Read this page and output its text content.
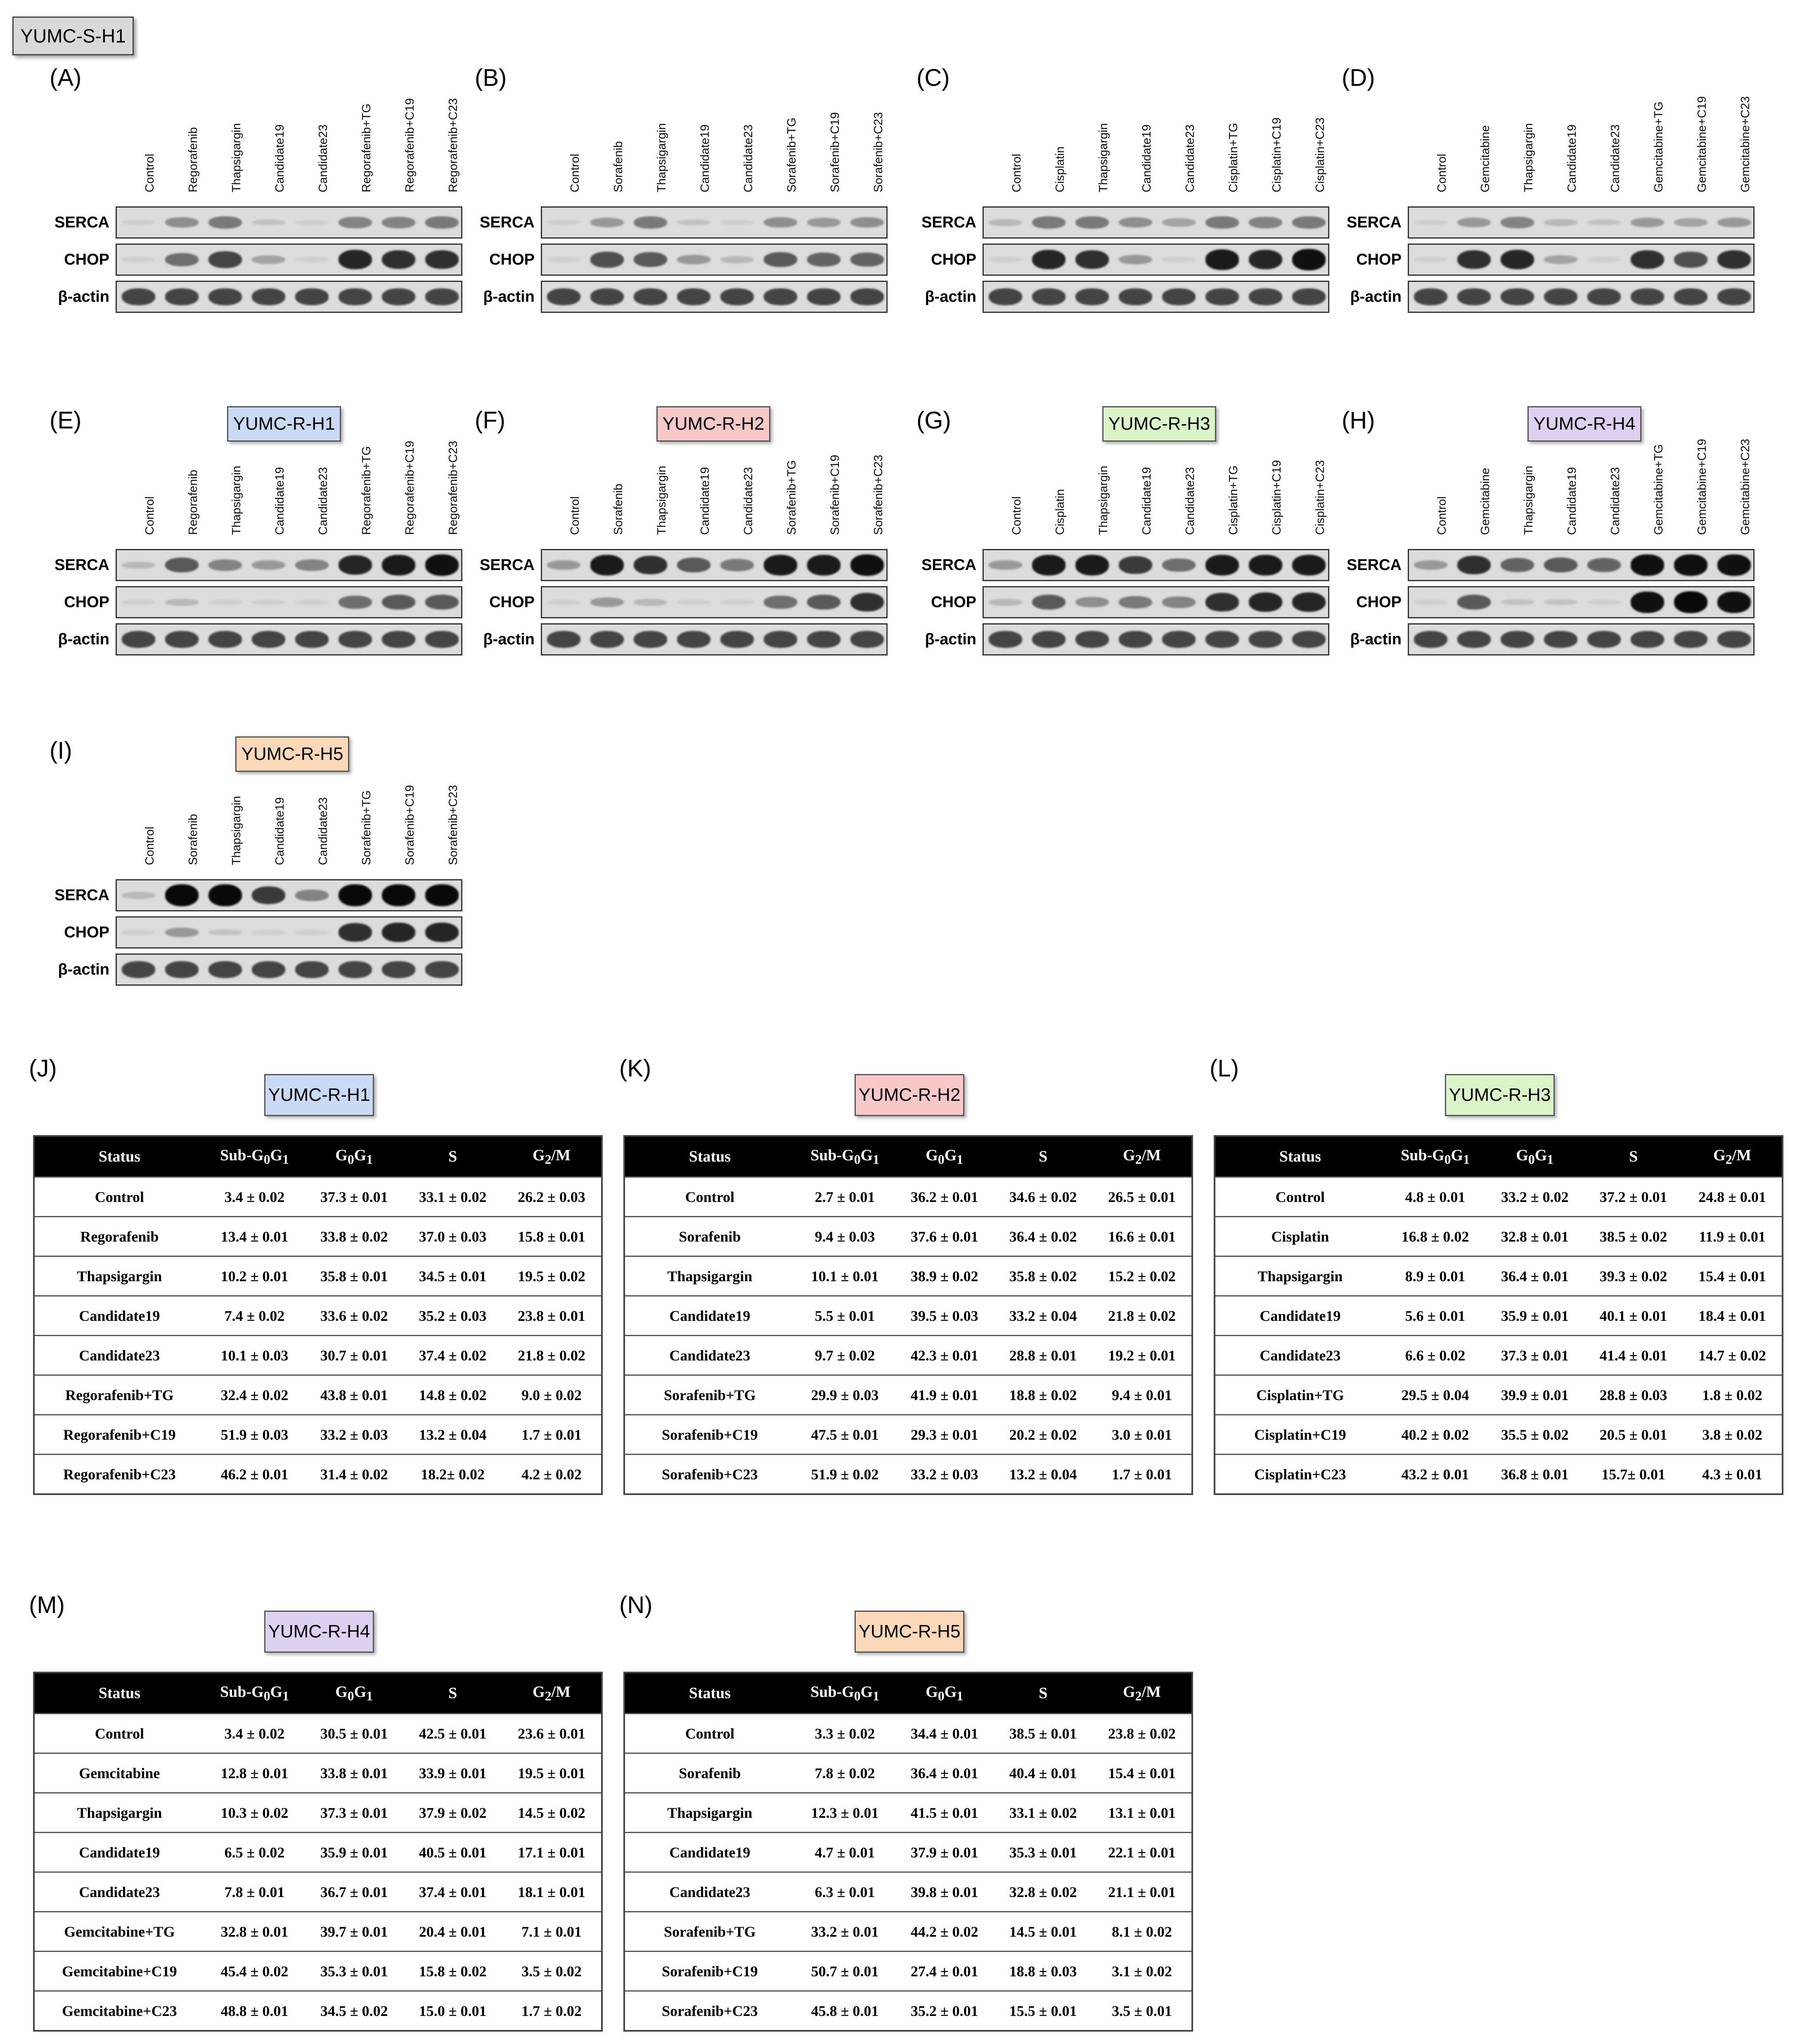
YUMC-S-H1
Status	Sub-$G_0G_1$	$G_0G_1$	S	$G_2/M$
Control	3.4 ± 0.02	37.3 ± 0.01	33.1 ± 0.02	26.2 ± 0.03
Regorafenib	13.4 ± 0.01	33.8 ± 0.02	37.0 ± 0.03	15.8 ± 0.01
Thapsigargin	10.2 ± 0.01	35.8 ± 0.01	34.5 ± 0.01	19.5 ± 0.02
Candidate19	7.4 ± 0.02	33.6 ± 0.02	35.2 ± 0.03	23.8 ± 0.01
Candidate23	10.1 ± 0.03	30.7 ± 0.01	37.4 ± 0.02	21.8 ± 0.02
Regorafenib+TG	32.4 ± 0.02	43.8 ± 0.01	14.8 ± 0.02	9.0 ± 0.02
Regorafenib+C19	51.9 ± 0.03	33.2 ± 0.03	13.2 ± 0.04	1.7 ± 0.01
Regorafenib+C23	46.2 ± 0.01	31.4 ± 0.02	18.2± 0.02	4.2 ± 0.02
Status	Sub-$G_0G_1$	$G_0G_1$	S	$G_2/M$
Control	2.7 ± 0.01	36.2 ± 0.01	34.6 ± 0.02	26.5 ± 0.01
Sorafenib	9.4 ± 0.03	37.6 ± 0.01	36.4 ± 0.02	16.6 ± 0.01
Thapsigargin	10.1 ± 0.01	38.9 ± 0.02	35.8 ± 0.02	15.2 ± 0.02
Candidate19	5.5 ± 0.01	39.5 ± 0.03	33.2 ± 0.04	21.8 ± 0.02
Candidate23	9.7 ± 0.02	42.3 ± 0.01	28.8 ± 0.01	19.2 ± 0.01
Sorafenib+TG	29.9 ± 0.03	41.9 ± 0.01	18.8 ± 0.02	9.4 ± 0.01
Sorafenib+C19	47.5 ± 0.01	29.3 ± 0.01	20.2 ± 0.02	3.0 ± 0.01
Sorafenib+C23	51.9 ± 0.02	33.2 ± 0.03	13.2 ± 0.04	1.7 ± 0.01
Status	Sub-$G_0G_1$	$G_0G_1$	S	$G_2/M$
Control	4.8 ± 0.01	33.2 ± 0.02	37.2 ± 0.01	24.8 ± 0.01
Cisplatin	16.8 ± 0.02	32.8 ± 0.01	38.5 ± 0.02	11.9 ± 0.01
Thapsigargin	8.9 ± 0.01	36.4 ± 0.01	39.3 ± 0.02	15.4 ± 0.01
Candidate19	5.6 ± 0.01	35.9 ± 0.01	40.1 ± 0.01	18.4 ± 0.01
Candidate23	6.6 ± 0.02	37.3 ± 0.01	41.4 ± 0.01	14.7 ± 0.02
Cisplatin+TG	29.5 ± 0.04	39.9 ± 0.01	28.8 ± 0.03	1.8 ± 0.02
Cisplatin+C19	40.2 ± 0.02	35.5 ± 0.02	20.5 ± 0.01	3.8 ± 0.02
Cisplatin+C23	43.2 ± 0.01	36.8 ± 0.01	15.7± 0.01	4.3 ± 0.01
Status	Sub-$G_0G_1$	$G_0G_1$	S	$G_2/M$
Control	3.4 ± 0.02	30.5 ± 0.01	42.5 ± 0.01	23.6 ± 0.01
Gemcitabine	12.8 ± 0.01	33.8 ± 0.01	33.9 ± 0.01	19.5 ± 0.01
Thapsigargin	10.3 ± 0.02	37.3 ± 0.01	37.9 ± 0.02	14.5 ± 0.02
Candidate19	6.5 ± 0.02	35.9 ± 0.01	40.5 ± 0.01	17.1 ± 0.01
Candidate23	7.8 ± 0.01	36.7 ± 0.01	37.4 ± 0.01	18.1 ± 0.01
Gemcitabine+TG	32.8 ± 0.01	39.7 ± 0.01	20.4 ± 0.01	7.1 ± 0.01
Gemcitabine+C19	45.4 ± 0.02	35.3 ± 0.01	15.8 ± 0.02	3.5 ± 0.02
Gemcitabine+C23	48.8 ± 0.01	34.5 ± 0.02	15.0 ± 0.01	1.7 ± 0.02
Status	Sub-$G_0G_1$	$G_0G_1$	S	$G_2/M$
Control	3.3 ± 0.02	34.4 ± 0.01	38.5 ± 0.01	23.8 ± 0.02
Sorafenib	7.8 ± 0.02	36.4 ± 0.01	40.4 ± 0.01	15.4 ± 0.01
Thapsigargin	12.3 ± 0.01	41.5 ± 0.01	33.1 ± 0.02	13.1 ± 0.01
Candidate19	4.7 ± 0.01	37.9 ± 0.01	35.3 ± 0.01	22.1 ± 0.01
Candidate23	6.3 ± 0.01	39.8 ± 0.01	32.8 ± 0.02	21.1 ± 0.01
Sorafenib+TG	33.2 ± 0.01	44.2 ± 0.02	14.5 ± 0.01	8.1 ± 0.02
Sorafenib+C19	50.7 ± 0.01	27.4 ± 0.01	18.8 ± 0.03	3.1 ± 0.02
Sorafenib+C23	45.8 ± 0.01	35.2 ± 0.01	15.5 ± 0.01	3.5 ± 0.01
(A)
Control	Regorafenib	Thapsigargin	Candidate19	Candidate23	Regorafenib+TG	Regorafenib+C19	Regorafenib+C23
SERCA
CHOP
β-actin
(B)
Control	Sorafenib	Thapsigargin	Candidate19	Candidate23	Sorafenib+TG	Sorafenib+C19	Sorafenib+C23
SERCA
CHOP
β-actin
(C)
Control	Cisplatin	Thapsigargin	Candidate19	Candidate23	Cisplatin+TG	Cisplatin+C19	Cisplatin+C23
SERCA
CHOP
β-actin
(D)
Control	Gemcitabine	Thapsigargin	Candidate19	Candidate23	Gemcitabine+TG	Gemcitabine+C19	Gemcitabine+C23
SERCA
CHOP
β-actin
(E)	YUMC-R-H1
Control	Regorafenib	Thapsigargin	Candidate19	Candidate23	Regorafenib+TG	Regorafenib+C19	Regorafenib+C23
SERCA
CHOP
β-actin
(F)	YUMC-R-H2
Control	Sorafenib	Thapsigargin	Candidate19	Candidate23	Sorafenib+TG	Sorafenib+C19	Sorafenib+C23
SERCA
CHOP
β-actin
(G)	YUMC-R-H3
Control	Cisplatin	Thapsigargin	Candidate19	Candidate23	Cisplatin+TG	Cisplatin+C19	Cisplatin+C23
SERCA
CHOP
β-actin
(H)	YUMC-R-H4
Control	Gemcitabine	Thapsigargin	Candidate19	Candidate23	Gemcitabine+TG	Gemcitabine+C19	Gemcitabine+C23
SERCA
CHOP
β-actin
(I)	YUMC-R-H5
Control	Sorafenib	Thapsigargin	Candidate19	Candidate23	Sorafenib+TG	Sorafenib+C19	Sorafenib+C23
SERCA
CHOP
β-actin
(J)
YUMC-R-H1
(K)
YUMC-R-H2
(L)
YUMC-R-H3
(M)
YUMC-R-H4
(N)
YUMC-R-H5
